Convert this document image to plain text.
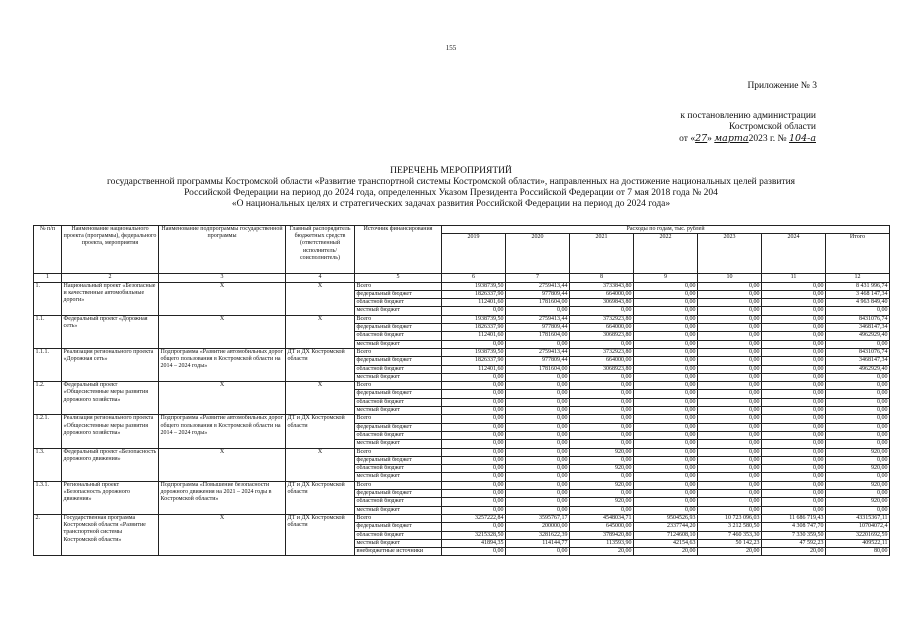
155
Приложение № 3
к постановлению администрации
Костромской области
от «27» марта2023 г. № 104-а
ПЕРЕЧЕНЬ МЕРОПРИЯТИЙ
государственной программы Костромской области «Развитие транспортной системы Костромской области», направленных на достижение национальных целей развития
Российской Федерации на период до 2024 года, определенных Указом Президента Российской Федерации от 7 мая 2018 года № 204
«О национальных целях и стратегических задачах развития Российской Федерации на период до 2024 года»
№ п/п	Наименование национального проекта (программы), федерального проекта, мероприятия	Наименование подпрограммы государственной программы	Главный распорядитель бюджетных средств (ответственный исполнитель/соисполнитель)	Источник финансирования	Расходы по годам, тыс. рублей						
					2019	2020	2021	2022	2023	2024	Итого
1	2	3	4	5	6	7	8	9	10	11	12
1.	Национальный проект «Безопасные и качественные автомобильные дороги»	Х	Х	Всего	1938739,50	2759413,44	3733843,80	0,00	0,00	0,00	8 431 996,74
				федеральный бюджет	1826337,90	977809,44	664000,00	0,00	0,00	0,00	3 468 147,34
				областной бюджет	112401,60	1781604,00	3069843,80	0,00	0,00	0,00	4 963 849,40
				местный бюджет	0,00	0,00	0,00	0,00	0,00	0,00	0,00
1.1.	Федеральный проект «Дорожная сеть»	Х	Х	Всего	1938739,50	2759413,44	3732923,80	0,00	0,00	0,00	8431076,74
				федеральный бюджет	1826337,90	977809,44	664000,00	0,00	0,00	0,00	3468147,34
				областной бюджет	112401,60	1781604,00	3068923,80	0,00	0,00	0,00	4962929,40
				местный бюджет	0,00	0,00	0,00	0,00	0,00	0,00	0,00
1.1.1.	Реализация регионального проекта «Дорожная сеть»	Подпрограмма «Развитие автомобильных дорог общего пользования в Костромской области на 2014 – 2024 годы»	ДТ и ДХ Костромской области	Всего	1938739,50	2759413,44	3732923,80	0,00	0,00	0,00	8431076,74
				федеральный бюджет	1826337,90	977809,44	664000,00	0,00	0,00	0,00	3468147,34
				областной бюджет	112401,60	1781604,00	3068923,80	0,00	0,00	0,00	4962929,40
				местный бюджет	0,00	0,00	0,00	0,00	0,00	0,00	0,00
1.2.	Федеральный проект «Общесистемные меры развития дорожного хозяйства»	Х	Х	Всего	0,00	0,00	0,00	0,00	0,00	0,00	0,00
				федеральный бюджет	0,00	0,00	0,00	0,00	0,00	0,00	0,00
				областной бюджет	0,00	0,00	0,00	0,00	0,00	0,00	0,00
				местный бюджет	0,00	0,00	0,00	0,00	0,00	0,00	0,00
1.2.1.	Реализация регионального проекта «Общесистемные меры развития дорожного хозяйства»	Подпрограмма «Развитие автомобильных дорог общего пользования в Костромской области на 2014 – 2024 годы»	ДТ и ДХ Костромской области	Всего	0,00	0,00	0,00	0,00	0,00	0,00	0,00
				федеральный бюджет	0,00	0,00	0,00	0,00	0,00	0,00	0,00
				областной бюджет	0,00	0,00	0,00	0,00	0,00	0,00	0,00
				местный бюджет	0,00	0,00	0,00	0,00	0,00	0,00	0,00
1.3.	Федеральный проект «Безопасность дорожного движения»	Х	Х	Всего	0,00	0,00	920,00	0,00	0,00	0,00	920,00
				федеральный бюджет	0,00	0,00	0,00	0,00	0,00	0,00	0,00
				областной бюджет	0,00	0,00	920,00	0,00	0,00	0,00	920,00
				местный бюджет	0,00	0,00	0,00	0,00	0,00	0,00	0,00
1.3.1.	Региональный проект «Безопасность дорожного движения»	Подпрограмма «Повышение безопасности дорожного движения на 2021 – 2024 годы в Костромской области»	ДТ и ДХ Костромской области	Всего	0,00	0,00	920,00	0,00	0,00	0,00	920,00
				федеральный бюджет	0,00	0,00	0,00	0,00	0,00	0,00	0,00
				областной бюджет	0,00	0,00	920,00	0,00	0,00	0,00	920,00
				местный бюджет	0,00	0,00	0,00	0,00	0,00	0,00	0,00
2.	Государственная программа Костромской области «Развитие транспортной системы Костромской области»	Х	ДТ и ДХ Костромской области	Всего	3257222,84	3595767,17	4548034,71	9504526,93	10 723 096,03	11 686 719,43	43315367,11
				федеральный бюджет	0,00	200000,00	645000,00	2337744,20	3 212 580,50	4 308 747,70	10704072,4
				областной бюджет	3215328,50	3281622,39	3789420,80	7124608,10	7 460 353,30	7 330 359,50	32201692,59
				местный бюджет	41894,35	114144,77	113593,90	42154,63	50 142,23	47 592,23	409522,11
				внебюджетные источники	0,00	0,00	20,00	20,00	20,00	20,00	80,00
